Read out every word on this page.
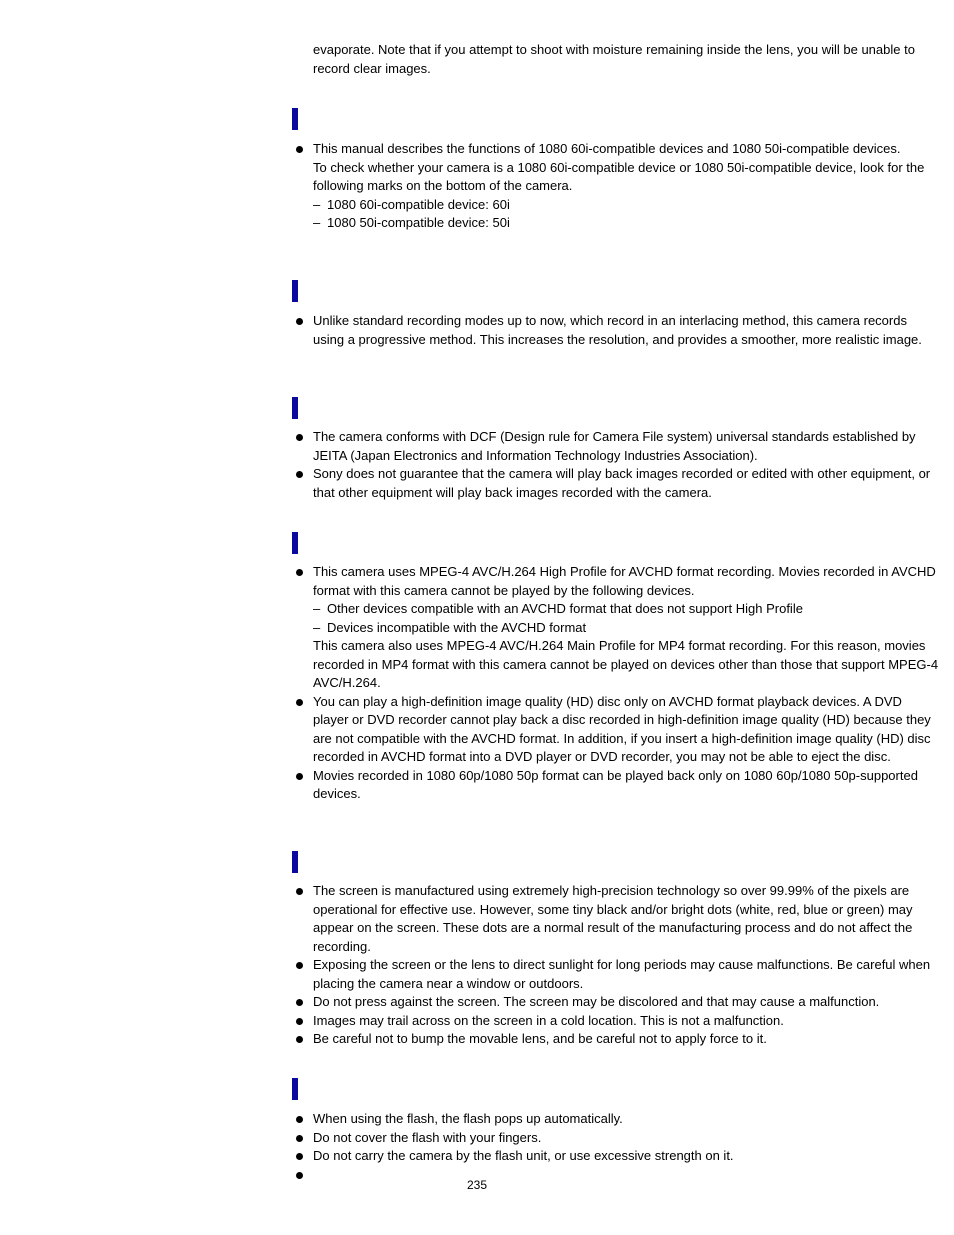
evaporate. Note that if you attempt to shoot with moisture remaining inside the lens, you will be unable to record clear images.
This manual describes the functions of 1080 60i-compatible devices and 1080 50i-compatible devices.
To check whether your camera is a 1080 60i-compatible device or 1080 50i-compatible device, look for the following marks on the bottom of the camera.
– 1080 60i-compatible device: 60i
– 1080 50i-compatible device: 50i
Unlike standard recording modes up to now, which record in an interlacing method, this camera records using a progressive method. This increases the resolution, and provides a smoother, more realistic image.
The camera conforms with DCF (Design rule for Camera File system) universal standards established by JEITA (Japan Electronics and Information Technology Industries Association).
Sony does not guarantee that the camera will play back images recorded or edited with other equipment, or that other equipment will play back images recorded with the camera.
This camera uses MPEG-4 AVC/H.264 High Profile for AVCHD format recording. Movies recorded in AVCHD format with this camera cannot be played by the following devices.
– Other devices compatible with an AVCHD format that does not support High Profile
– Devices incompatible with the AVCHD format
This camera also uses MPEG-4 AVC/H.264 Main Profile for MP4 format recording. For this reason, movies recorded in MP4 format with this camera cannot be played on devices other than those that support MPEG-4 AVC/H.264.
You can play a high-definition image quality (HD) disc only on AVCHD format playback devices. A DVD player or DVD recorder cannot play back a disc recorded in high-definition image quality (HD) because they are not compatible with the AVCHD format. In addition, if you insert a high-definition image quality (HD) disc recorded in AVCHD format into a DVD player or DVD recorder, you may not be able to eject the disc.
Movies recorded in 1080 60p/1080 50p format can be played back only on 1080 60p/1080 50p-supported devices.
The screen is manufactured using extremely high-precision technology so over 99.99% of the pixels are operational for effective use. However, some tiny black and/or bright dots (white, red, blue or green) may appear on the screen. These dots are a normal result of the manufacturing process and do not affect the recording.
Exposing the screen or the lens to direct sunlight for long periods may cause malfunctions. Be careful when placing the camera near a window or outdoors.
Do not press against the screen. The screen may be discolored and that may cause a malfunction.
Images may trail across on the screen in a cold location. This is not a malfunction.
Be careful not to bump the movable lens, and be careful not to apply force to it.
When using the flash, the flash pops up automatically.
Do not cover the flash with your fingers.
Do not carry the camera by the flash unit, or use excessive strength on it.
235
